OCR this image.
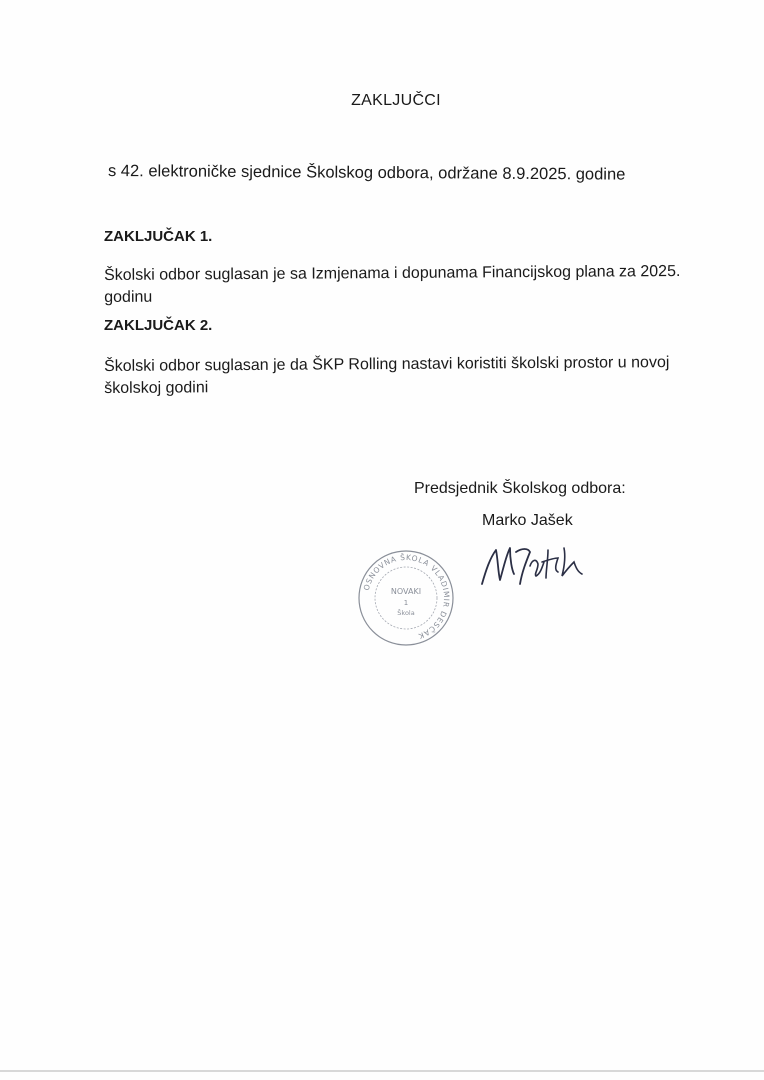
ZAKLJUČCI
s 42. elektroničke sjednice Školskog odbora, održane 8.9.2025. godine
ZAKLJUČAK 1.
Školski odbor suglasan je sa Izmjenama i dopunama Financijskog plana za 2025. godinu
ZAKLJUČAK 2.
Školski odbor suglasan je da ŠKP Rolling nastavi koristiti školski prostor u novoj školskoj godini
Predsjednik Školskog odbora:
Marko Jašek
OSNOVNA ŠKOLA VLADIMIR DESČAK
NOVAKI
1
Škola
